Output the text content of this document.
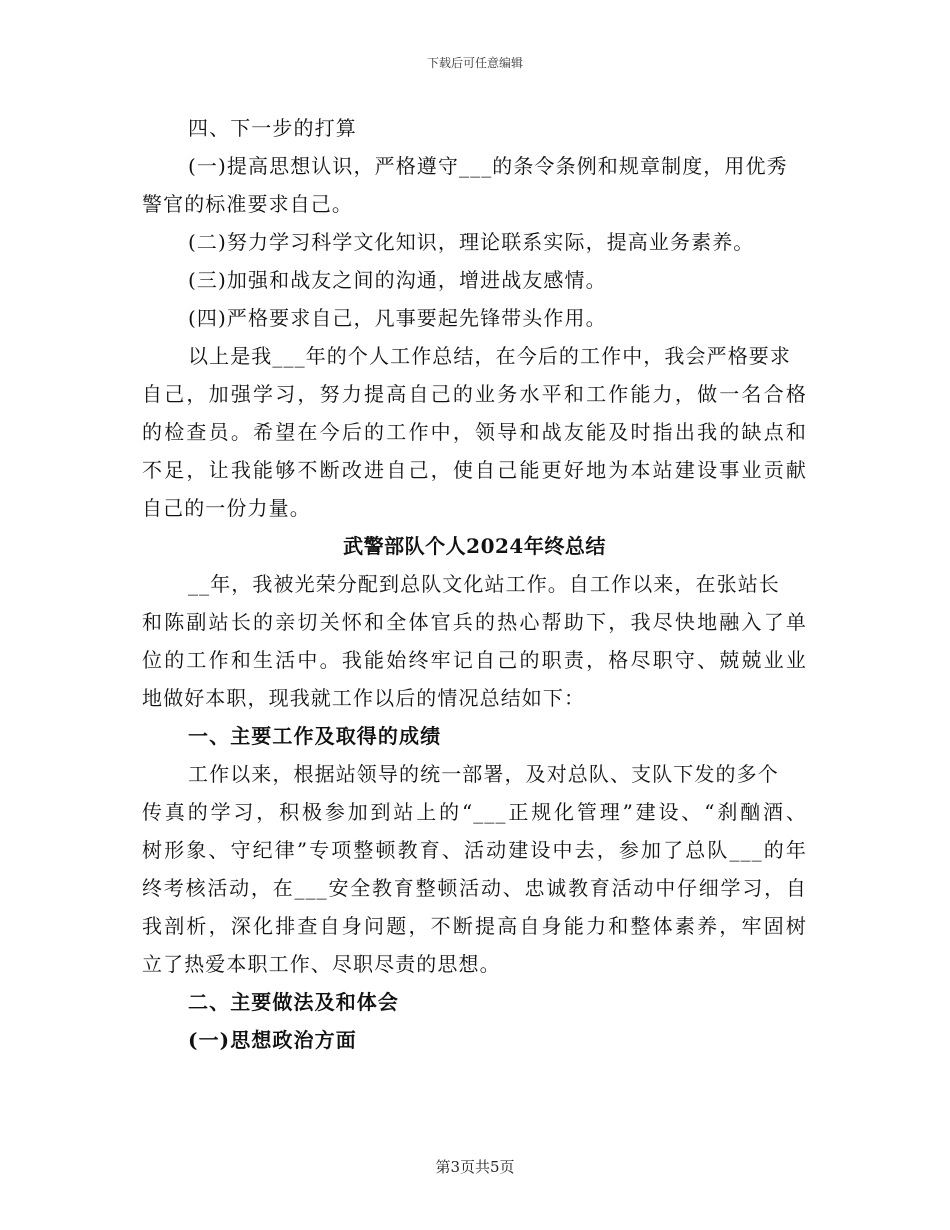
下载后可任意编辑
四、下一步的打算
(一)提高思想认识，严格遵守___的条令条例和规章制度，用优秀
警官的标准要求自己。
(二)努力学习科学文化知识，理论联系实际，提高业务素养。
(三)加强和战友之间的沟通，增进战友感情。
(四)严格要求自己，凡事要起先锋带头作用。
以上是我___年的个人工作总结，在今后的工作中，我会严格要求
自己，加强学习，努力提高自己的业务水平和工作能力，做一名合格
的检查员。希望在今后的工作中，领导和战友能及时指出我的缺点和
不足，让我能够不断改进自己，使自己能更好地为本站建设事业贡献
自己的一份力量。
武警部队个人2024年终总结
__年，我被光荣分配到总队文化站工作。自工作以来，在张站长
和陈副站长的亲切关怀和全体官兵的热心帮助下，我尽快地融入了单
位的工作和生活中。我能始终牢记自己的职责，格尽职守、兢兢业业
地做好本职，现我就工作以后的情况总结如下：
一、主要工作及取得的成绩
工作以来，根据站领导的统一部署，及对总队、支队下发的多个
传真的学习，积极参加到站上的“___正规化管理”建设、“刹酗酒、
树形象、守纪律”专项整顿教育、活动建设中去，参加了总队___的年
终考核活动，在___安全教育整顿活动、忠诚教育活动中仔细学习，自
我剖析，深化排查自身问题，不断提高自身能力和整体素养，牢固树
立了热爱本职工作、尽职尽责的思想。
二、主要做法及和体会
(一)思想政治方面
第3页共5页
